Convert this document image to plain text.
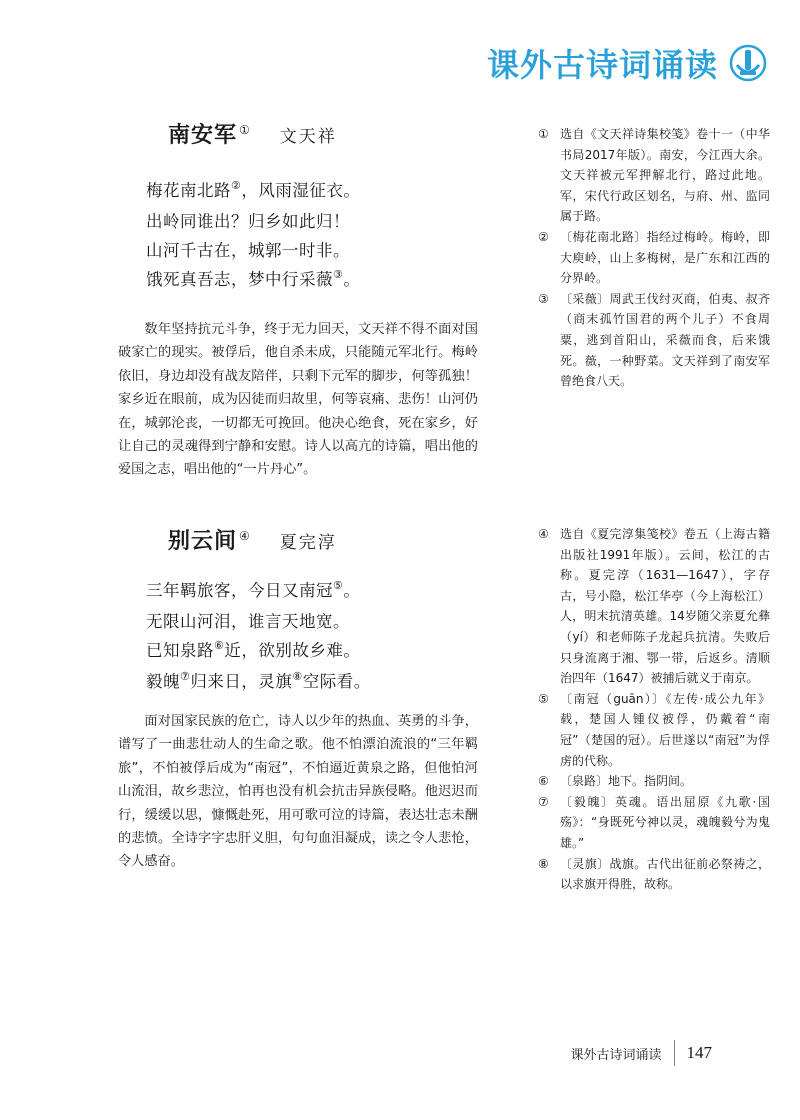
课外古诗词诵读
南安军 ① 文天祥
梅花南北路②，风雨湿征衣。
出岭同谁出？归乡如此归！
山河千古在，城郭一时非。
饿死真吾志，梦中行采薇③。
数年坚持抗元斗争，终于无力回天，文天祥不得不面对国破家亡的现实。被俘后，他自杀未成，只能随元军北行。梅岭依旧，身边却没有战友陪伴，只剩下元军的脚步，何等孤独！家乡近在眼前，成为囚徒而归故里，何等哀痛、悲伤！山河仍在，城郭沦丧，一切都无可挽回。他决心绝食，死在家乡，好让自己的灵魂得到宁静和安慰。诗人以高亢的诗篇，唱出他的爱国之志，唱出他的“一片丹心”。
① 选自《文天祥诗集校笺》卷十一（中华书局2017年版）。南安，今江西大余。文天祥被元军押解北行，路过此地。军，宋代行政区划名，与府、州、监同属于路。
② 〔梅花南北路〕指经过梅岭。梅岭，即大庾岭，山上多梅树，是广东和江西的分界岭。
③ 〔采薇〕周武王伐纣灭商，伯夷、叔齐（商末孤竹国君的两个儿子）不食周粟，逃到首阳山，采薇而食，后来饿死。薇，一种野菜。文天祥到了南安军曾绝食八天。
别云间 ④ 夏完淳
三年羁旅客，今日又南冠⑤。
无限山河泪，谁言天地宽。
已知泉路⑥近，欲别故乡难。
毅魄⑦归来日，灵旗⑧空际看。
面对国家民族的危亡，诗人以少年的热血、英勇的斗争，谱写了一曲悲壮动人的生命之歌。他不怕漂泊流浪的“三年羁旅”，不怕被俘后成为“南冠”，不怕逼近黄泉之路，但他怕河山流泪，故乡悲泣，怕再也没有机会抗击异族侵略。他迟迟而行，缓缓以思，慷慨赴死，用可歌可泣的诗篇，表达壮志未酬的悲愤。全诗字字忠肝义胆，句句血泪凝成，读之令人悲怆，令人感奋。
④ 选自《夏完淳集笺校》卷五（上海古籍出版社1991年版）。云间，松江的古称。夏完淳（1631—1647），字存古，号小隐，松江华亭（今上海松江）人，明末抗清英雄。14岁随父亲夏允彝（yí）和老师陈子龙起兵抗清。失败后只身流离于湘、鄂一带，后返乡。清顺治四年（1647）被捕后就义于南京。
⑤ 〔南冠（guān）〕《左传·成公九年》载，楚国人锺仪被俘，仍戴着“南冠”（楚国的冠）。后世遂以“南冠”为俘虏的代称。
⑥ 〔泉路〕地下。指阴间。
⑦ 〔毅魄〕英魂。语出屈原《九歌·国殇》：“身既死兮神以灵，魂魄毅兮为鬼雄。”
⑧ 〔灵旗〕战旗。古代出征前必祭祷之，以求旗开得胜，故称。
课外古诗词诵读 147
